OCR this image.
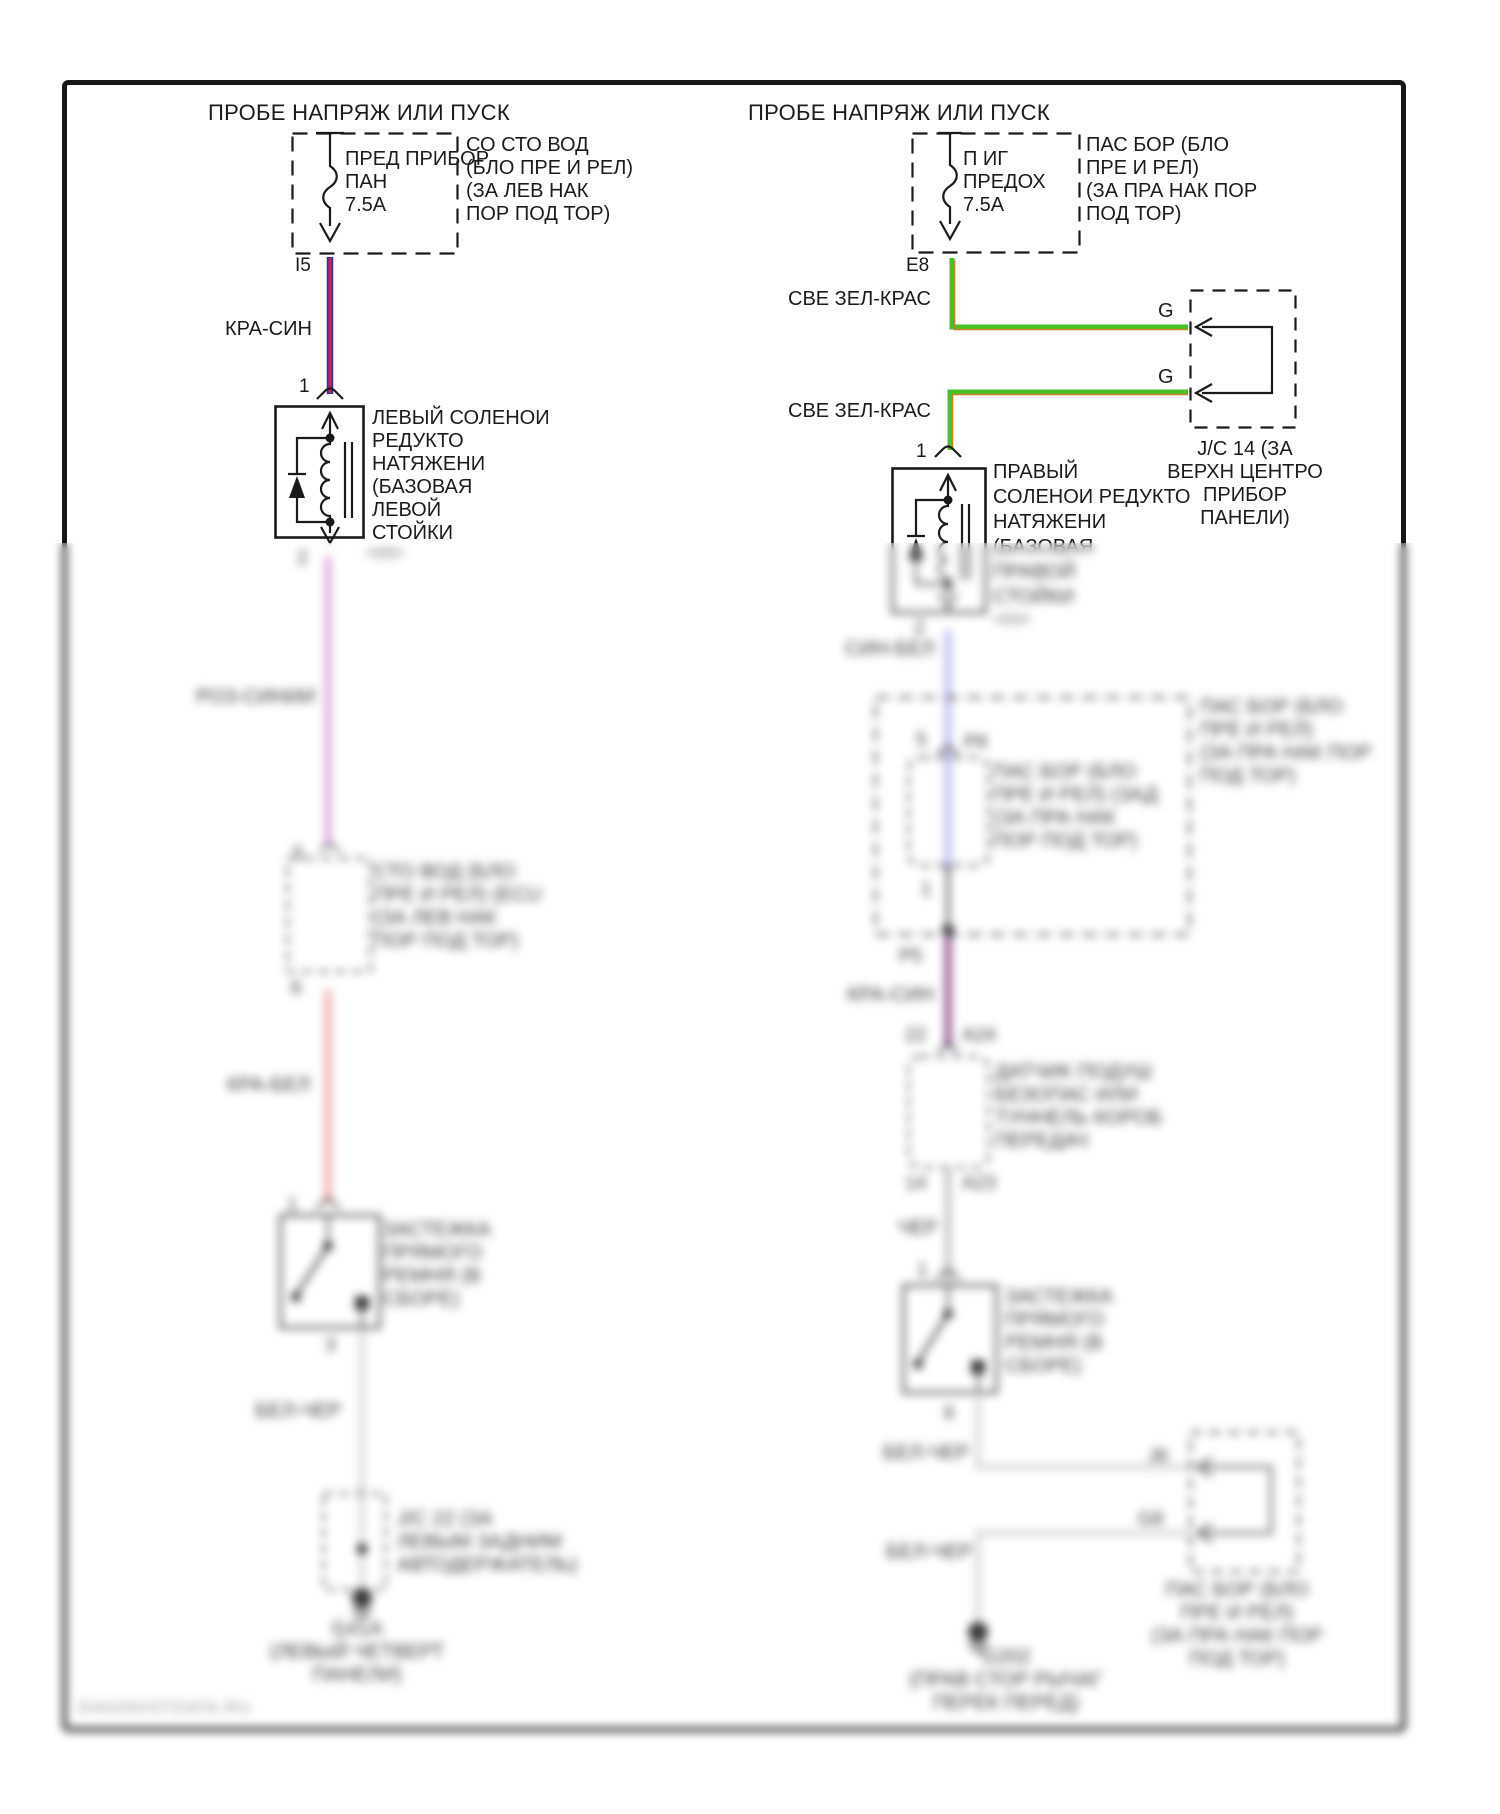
ПРОБЕ НАПРЯЖ ИЛИ ПУСК
ПРЕД ПРИБОР
ПАН
7.5А
СО СТО ВОД
(БЛО ПРЕ И РЕЛ)
(ЗА ЛЕВ НАК
ПОР ПОД ТОР)
I5
КРА-СИН
1
ЛЕВЫЙ СОЛЕНОИ
РЕДУКТО
НАТЯЖЕНИ
(БАЗОВАЯ
ЛЕВОЙ
СТОЙКИ
ПРОБЕ НАПРЯЖ ИЛИ ПУСК
П ИГ
ПРЕДОХ
7.5А
ПАС БОР (БЛО
ПРЕ И РЕЛ)
(ЗА ПРА НАК ПОР
ПОД ТОР)
Е8
СВЕ ЗЕЛ-КРАС
G
G
СВЕ ЗЕЛ-КРАС
J/C 14 (ЗА
ВЕРХН ЦЕНТРО
ПРИБОР
ПАНЕЛИ)
1
ПРАВЫЙ
СОЛЕНОИ РЕДУКТО
НАТЯЖЕНИ
(БАЗОВАЯ
ПРАВОЙ
СТОЙКИ
2
РОЗ-СИНИИ
5
СТО ВОД (БЛО
ПРЕ И РЕЛ) (ECU
(ЗА ЛЕВ НАК
ПОР ПОД ТОР)
6
КРА-БЕЛ
1
ЗАСТЕЖКА
ПРЯМОГО
РЕМНЯ (В
СБОРЕ)
3
БЕЛ-ЧЕР
J/C 22 (ЗА
ЛЕВЫМ ЗАДНИМ
АВТОДЕРЖАТЕЛЬ)
G41А
(ЛЕВЫЙ ЧЕТВЕРТ
ПАНЕЛИ)
DIAGNOSTDATA.RU
2
СИН-БЕЛ
5 Р8
ПАС БОР (БЛО
ПРЕ И РЕЛ) (ЗАД
(ЗА ПРА НАК
ПОР ПОД ТОР)
ПАС БОР (БЛО
ПРЕ И РЕЛ)
(ЗА ПРА НАК ПОР
ПОД ТОР)
1
Р5
КРА-СИН
22 А24
ДАТЧИК ПОДУШ
БЕЗОПАС ИЛИ
ТУННЕЛЬ КОРОБ
ПЕРЕДАЧ
14 А23
ЧЕР
1
ЗАСТЕЖКА
ПРЯМОГО
РЕМНЯ (В
СБОРЕ)
6
БЕЛ-ЧЕР	J6
G8
БЕЛ-ЧЕР
G202
(ПРАВ СТОР РЫЧАГ
ПЕРЕК ПЕРЕД)
ПАС БОР (БЛО
ПРЕ И РЕЛ)
(ЗА ПРА НАК ПОР
ПОД ТОР)
